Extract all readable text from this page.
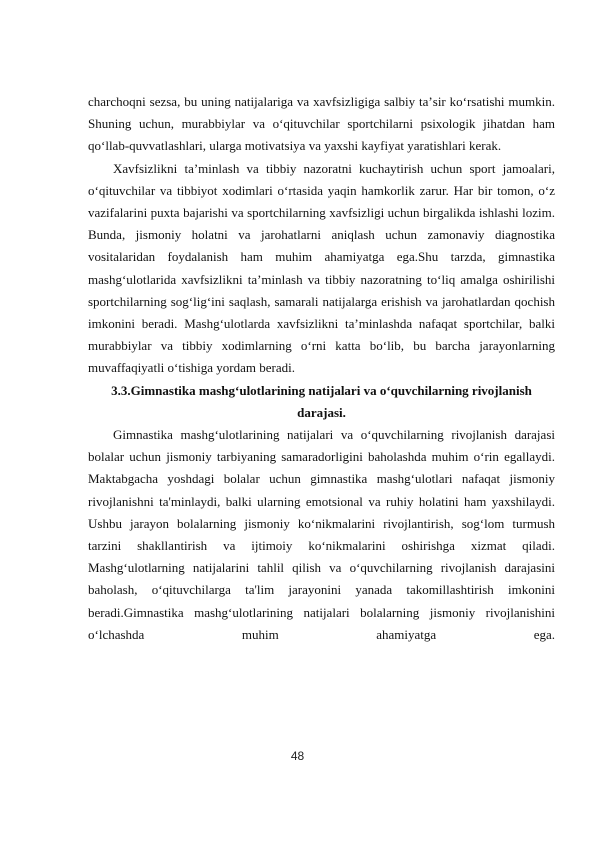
charchoqni sezsa, bu uning natijalariga va xavfsizligiga salbiy taʼsir koʻrsatishi mumkin. Shuning uchun, murabbiylar va oʻqituvchilar sportchilarni psixologik jihatdan ham qoʻllab-quvvatlashlari, ularga motivatsiya va yaxshi kayfiyat yaratishlari kerak.

Xavfsizlikni taʼminlash va tibbiy nazoratni kuchaytirish uchun sport jamoalari, oʻqituvchilar va tibbiyot xodimlari oʻrtasida yaqin hamkorlik zarur. Har bir tomon, oʻz vazifalarini puxta bajarishi va sportchilarning xavfsizligi uchun birgalikda ishlashi lozim. Bunda, jismoniy holatni va jarohatlarni aniqlash uchun zamonaviy diagnostika vositalaridan foydalanish ham muhim ahamiyatga ega.Shu tarzda, gimnastika mashgʻulotlarida xavfsizlikni taʼminlash va tibbiy nazoratning toʻliq amalga oshirilishi sportchilarning sogʻligʻini saqlash, samarali natijalarga erishish va jarohatlardan qochish imkonini beradi. Mashgʻulotlarda xavfsizlikni taʼminlashda nafaqat sportchilar, balki murabbiylar va tibbiy xodimlarning oʻrni katta boʻlib, bu barcha jarayonlarning muvaffaqiyatli oʻtishiga yordam beradi.

3.3.Gimnastika mashgʻulotlarining natijalari va oʻquvchilarning rivojlanish darajasi.

Gimnastika mashgʻulotlarining natijalari va oʻquvchilarning rivojlanish darajasi bolalar uchun jismoniy tarbiyaning samaradorligini baholashda muhim oʻrin egallaydi. Maktabgacha yoshdagi bolalar uchun gimnastika mashgʻulotlari nafaqat jismoniy rivojlanishni ta'minlaydi, balki ularning emotsional va ruhiy holatini ham yaxshilaydi. Ushbu jarayon bolalarning jismoniy koʻnikmalarini rivojlantirish, sogʻlom turmush tarzini shakllantirish va ijtimoiy koʻnikmalarini oshirishga xizmat qiladi. Mashgʻulotlarning natijalarini tahlil qilish va oʻquvchilarning rivojlanish darajasini baholash, oʻqituvchilarga ta'lim jarayonini yanada takomillashtirish imkonini beradi.Gimnastika mashgʻulotlarining natijalari bolalarning jismoniy rivojlanishini oʻlchashda muhim ahamiyatga ega.

48
